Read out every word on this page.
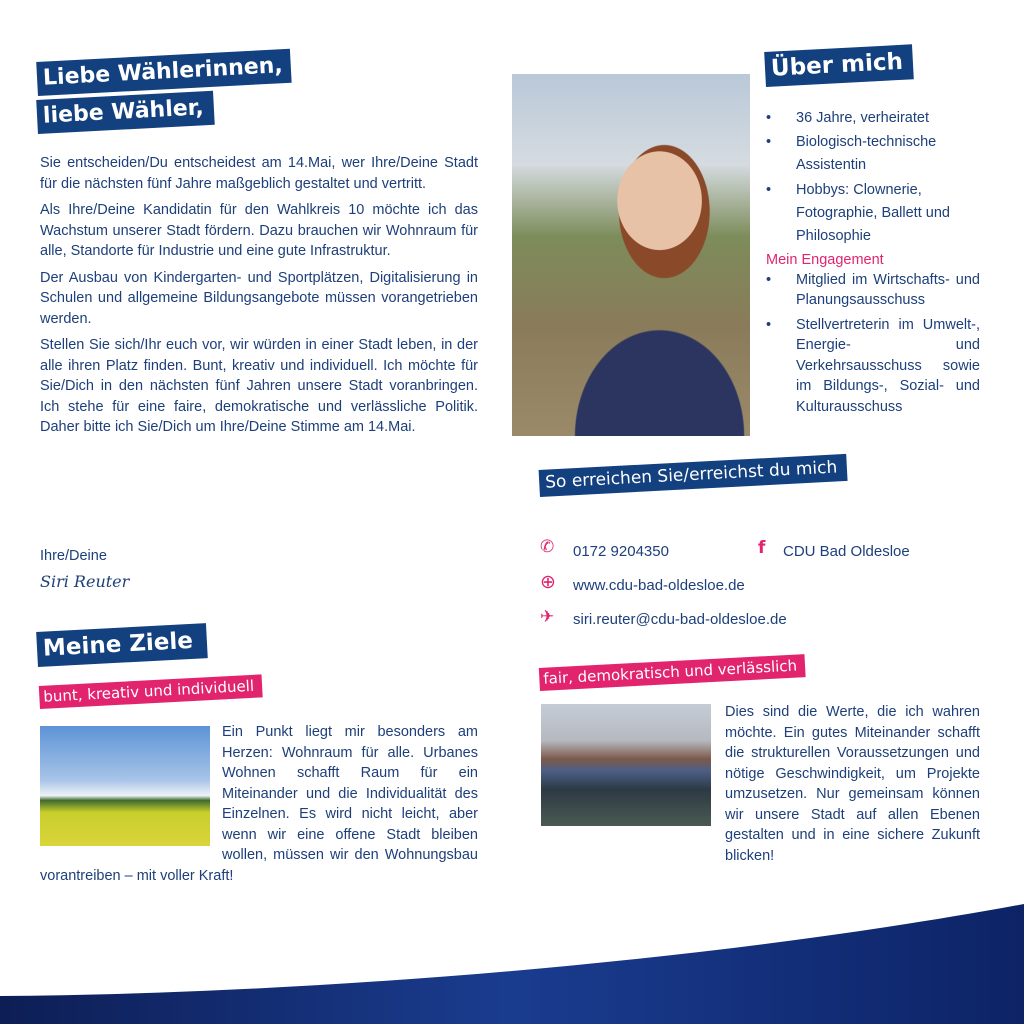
Liebe Wählerinnen,
liebe Wähler,

Sie entscheiden/Du entscheidest am 14.Mai, wer Ihre/Deine Stadt für die nächsten fünf Jahre maßgeblich gestaltet und vertritt.

Als Ihre/Deine Kandidatin für den Wahlkreis 10 möchte ich das Wachstum unserer Stadt fördern. Dazu brauchen wir Wohnraum für alle, Standorte für Industrie und eine gute Infrastruktur.

Der Ausbau von Kindergarten- und Sportplätzen, Digitalisierung in Schulen und allgemeine Bildungsangebote müssen vorangetrieben werden.

Stellen Sie sich/Ihr euch vor, wir würden in einer Stadt leben, in der alle ihren Platz finden. Bunt, kreativ und individuell. Ich möchte für Sie/Dich in den nächsten fünf Jahren unsere Stadt voranbringen. Ich stehe für eine faire, demokratische und verlässliche Politik. Daher bitte ich Sie/Dich um Ihre/Deine Stimme am 14.Mai.

Ihre/Deine
Siri Reuter
Meine Ziele
bunt, kreativ und individuell

Ein Punkt liegt mir besonders am Herzen: Wohnraum für alle. Urbanes Wohnen schafft Raum für ein Miteinander und die Individualität des Einzelnen. Es wird nicht leicht, aber wenn wir eine offene Stadt bleiben wollen, müssen wir den Wohnungsbau vorantreiben – mit voller Kraft!

Über mich
• 36 Jahre, verheiratet
• Biologisch-technische Assistentin
• Hobbys: Clownerie, Fotographie, Ballett und Philosophie
Mein Engagement
• Mitglied im Wirtschafts- und Planungsausschuss
• Stellvertreterin im Umwelt-, Energie- und Verkehrsausschuss sowie im Bildungs-, Sozial- und Kulturausschuss
So erreichen Sie/erreichst du mich
✆ 0172 9204350	f CDU Bad Oldesloe
⊕ www.cdu-bad-oldesloe.de
✈ siri.reuter@cdu-bad-oldesloe.de
fair, demokratisch und verlässlich

Dies sind die Werte, die ich wahren möchte. Ein gutes Miteinander schafft die strukturellen Voraussetzungen und nötige Geschwindigkeit, um Projekte umzusetzen. Nur gemeinsam können wir unsere Stadt auf allen Ebenen gestalten und in eine sichere Zukunft blicken!
